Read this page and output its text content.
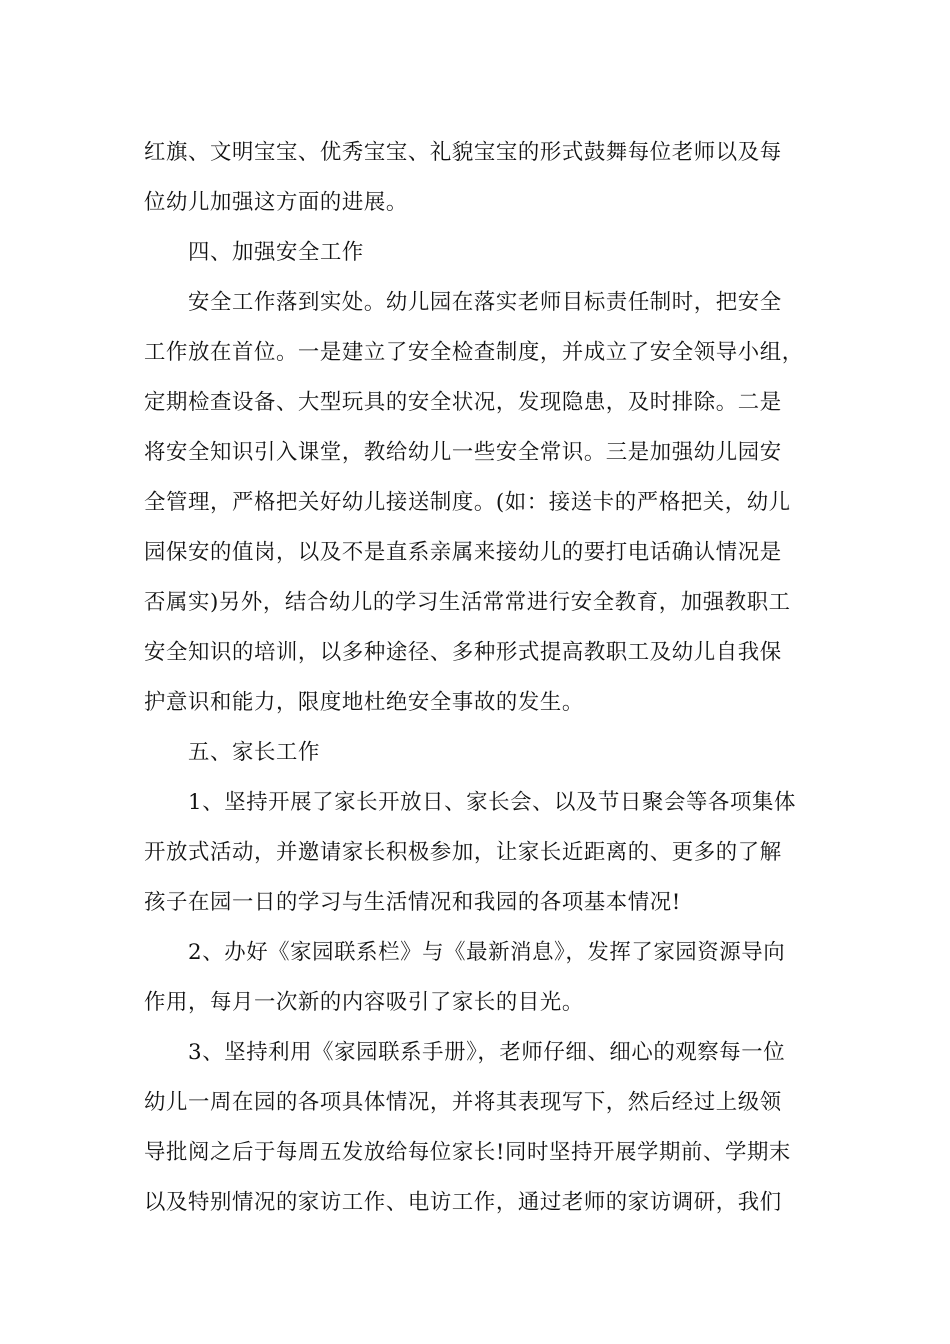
红旗、文明宝宝、优秀宝宝、礼貌宝宝的形式鼓舞每位老师以及每
位幼儿加强这方面的进展。

四、加强安全工作

安全工作落到实处。幼儿园在落实老师目标责任制时，把安全
工作放在首位。一是建立了安全检查制度，并成立了安全领导小组，
定期检查设备、大型玩具的安全状况，发现隐患，及时排除。二是
将安全知识引入课堂，教给幼儿一些安全常识。三是加强幼儿园安
全管理，严格把关好幼儿接送制度。(如：接送卡的严格把关，幼儿
园保安的值岗，以及不是直系亲属来接幼儿的要打电话确认情况是
否属实)另外，结合幼儿的学习生活常常进行安全教育，加强教职工
安全知识的培训，以多种途径、多种形式提高教职工及幼儿自我保
护意识和能力，限度地杜绝安全事故的发生。

五、家长工作

1、坚持开展了家长开放日、家长会、以及节日聚会等各项集体
开放式活动，并邀请家长积极参加，让家长近距离的、更多的了解
孩子在园一日的学习与生活情况和我园的各项基本情况!

2、办好《家园联系栏》与《最新消息》，发挥了家园资源导向
作用，每月一次新的内容吸引了家长的目光。

3、坚持利用《家园联系手册》，老师仔细、细心的观察每一位
幼儿一周在园的各项具体情况，并将其表现写下，然后经过上级领
导批阅之后于每周五发放给每位家长!同时坚持开展学期前、学期末
以及特别情况的家访工作、电访工作，通过老师的家访调研，我们
